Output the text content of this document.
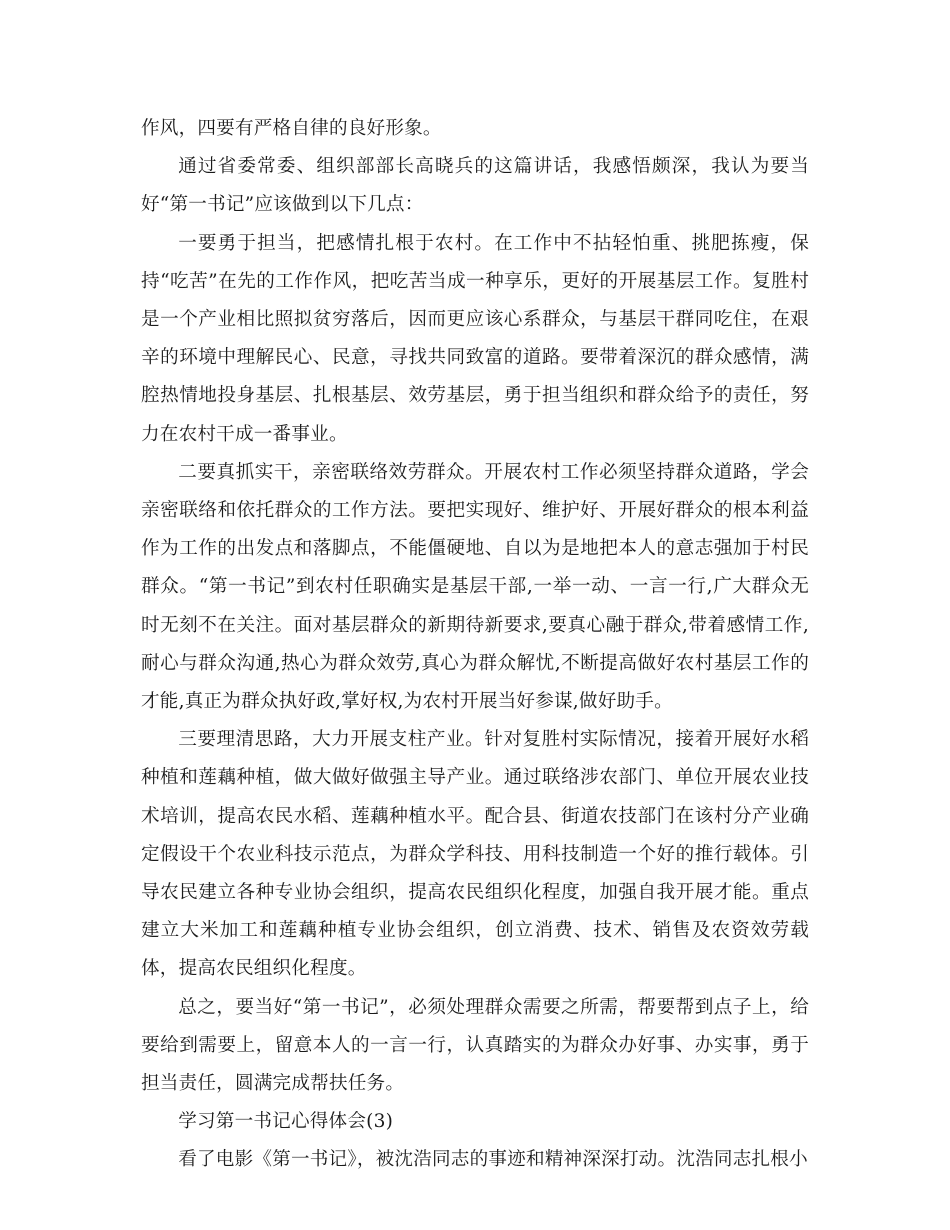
作风，四要有严格自律的良好形象。

通过省委常委、组织部部长高晓兵的这篇讲话，我感悟颇深，我认为要当好“第一书记”应该做到以下几点：

一要勇于担当，把感情扎根于农村。在工作中不拈轻怕重、挑肥拣瘦，保持“吃苦”在先的工作作风，把吃苦当成一种享乐，更好的开展基层工作。复胜村是一个产业相比照拟贫穷落后，因而更应该心系群众，与基层干群同吃住，在艰辛的环境中理解民心、民意，寻找共同致富的道路。要带着深沉的群众感情，满腔热情地投身基层、扎根基层、效劳基层，勇于担当组织和群众给予的责任，努力在农村干成一番事业。

二要真抓实干，亲密联络效劳群众。开展农村工作必须坚持群众道路，学会亲密联络和依托群众的工作方法。要把实现好、维护好、开展好群众的根本利益作为工作的出发点和落脚点，不能僵硬地、自以为是地把本人的意志强加于村民群众。“第一书记”到农村任职确实是基层干部,一举一动、一言一行,广大群众无时无刻不在关注。面对基层群众的新期待新要求,要真心融于群众,带着感情工作,耐心与群众沟通,热心为群众效劳,真心为群众解忧,不断提高做好农村基层工作的才能,真正为群众执好政,掌好权,为农村开展当好参谋,做好助手。

三要理清思路，大力开展支柱产业。针对复胜村实际情况，接着开展好水稻种植和莲藕种植，做大做好做强主导产业。通过联络涉农部门、单位开展农业技术培训，提高农民水稻、莲藕种植水平。配合县、街道农技部门在该村分产业确定假设干个农业科技示范点，为群众学科技、用科技制造一个好的推行载体。引导农民建立各种专业协会组织，提高农民组织化程度，加强自我开展才能。重点建立大米加工和莲藕种植专业协会组织，创立消费、技术、销售及农资效劳载体，提高农民组织化程度。

总之，要当好“第一书记”，必须处理群众需要之所需，帮要帮到点子上，给要给到需要上，留意本人的一言一行，认真踏实的为群众办好事、办实事，勇于担当责任，圆满完成帮扶任务。

学习第一书记心得体会(3)

看了电影《第一书记》，被沈浩同志的事迹和精神深深打动。沈浩同志扎根小
